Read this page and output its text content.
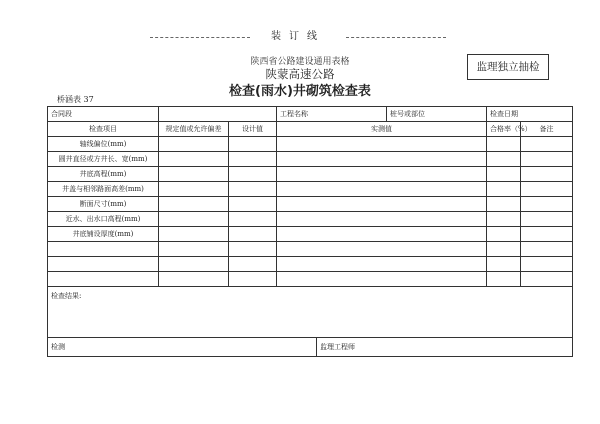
装订线
陕西省公路建设通用表格
陕蒙高速公路
检查(雨水)井砌筑检查表
监理独立抽检
桥涵表 37
合同段			工程名称		桩号或部位	检查日期	
检查项目	规定值或允许偏差	设计值	实测值			合格率（%）	备注
轴线偏位(mm)							
圆井直径或方井长、宽(mm)							
井底高程(mm)							
井盖与相邻路面高差(mm)							
断面尺寸(mm)							
近水、出水口高程(mm)							
井底铺设厚度(mm)							

检查结果:							
检测				监理工程师			
